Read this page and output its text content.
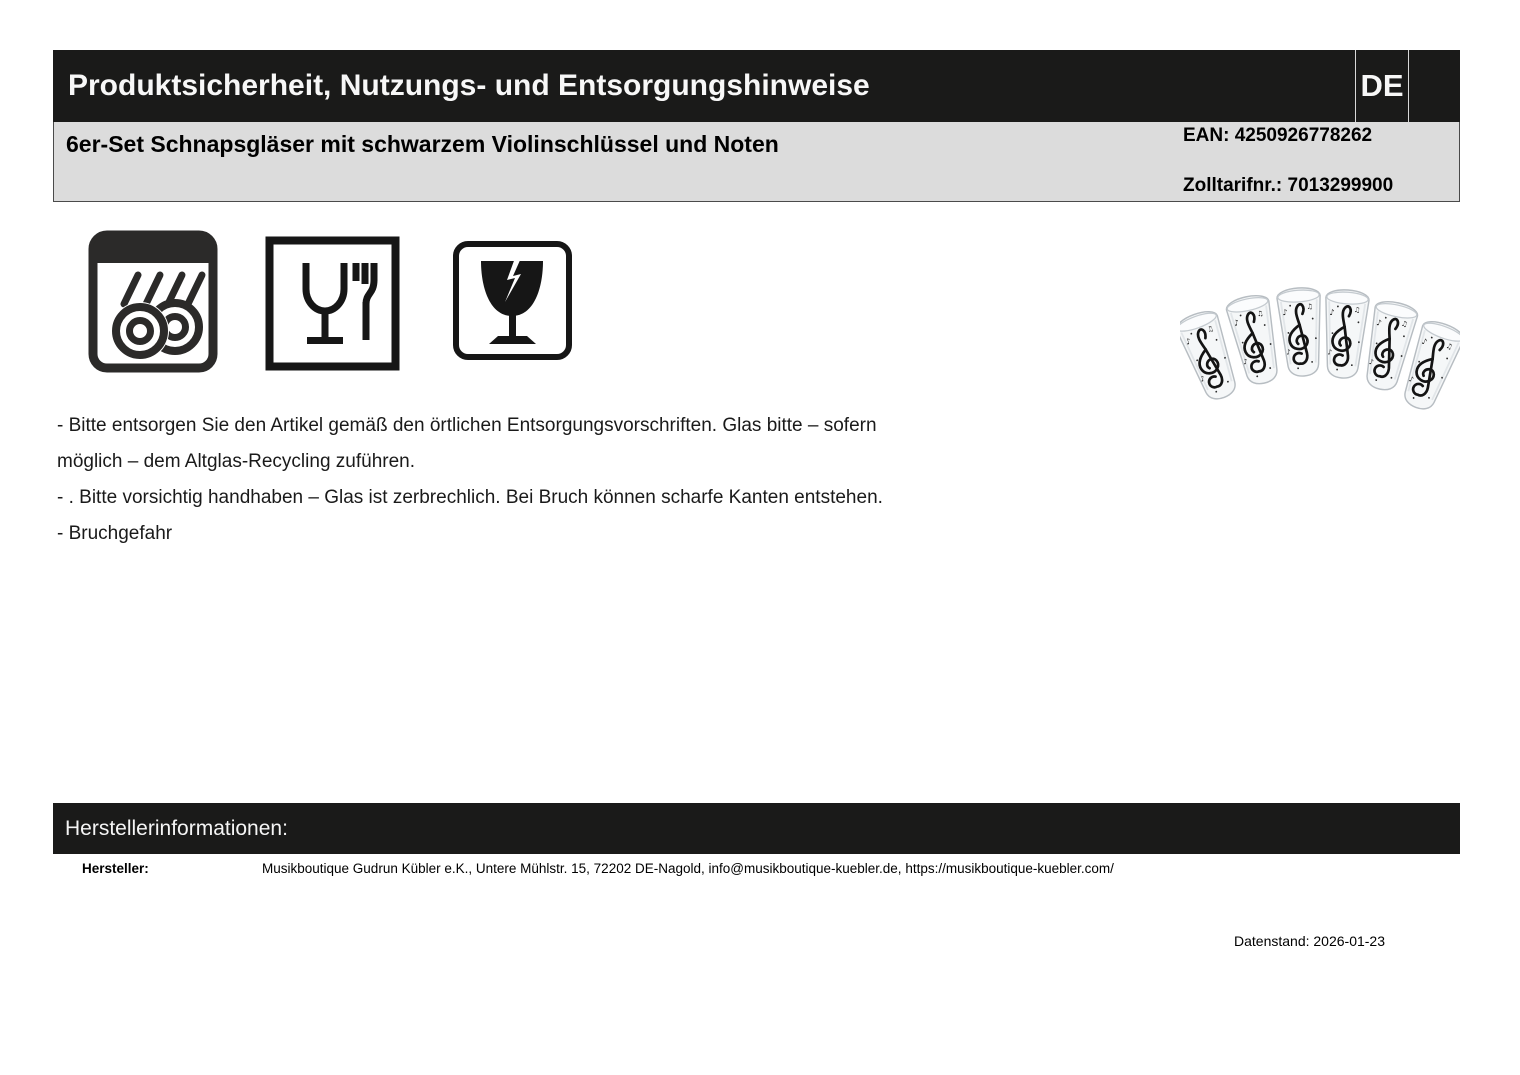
Produktsicherheit, Nutzungs- und Entsorgungshinweise	DE
6er-Set Schnapsgläser mit schwarzem Violinschlüssel und Noten	EAN: 4250926778262
Zolltarifnr.: 7013299900
- Bitte entsorgen Sie den Artikel gemäß den örtlichen Entsorgungsvorschriften. Glas bitte – sofern
möglich – dem Altglas-Recycling zuführen.
- . Bitte vorsichtig handhaben – Glas ist zerbrechlich. Bei Bruch können scharfe Kanten entstehen.
- Bruchgefahr
Herstellerinformationen:
Hersteller:	Musikboutique Gudrun Kübler e.K., Untere Mühlstr. 15, 72202 DE-Nagold, info@musikboutique-kuebler.de, https://musikboutique-kuebler.com/
Datenstand: 2026-01-23
